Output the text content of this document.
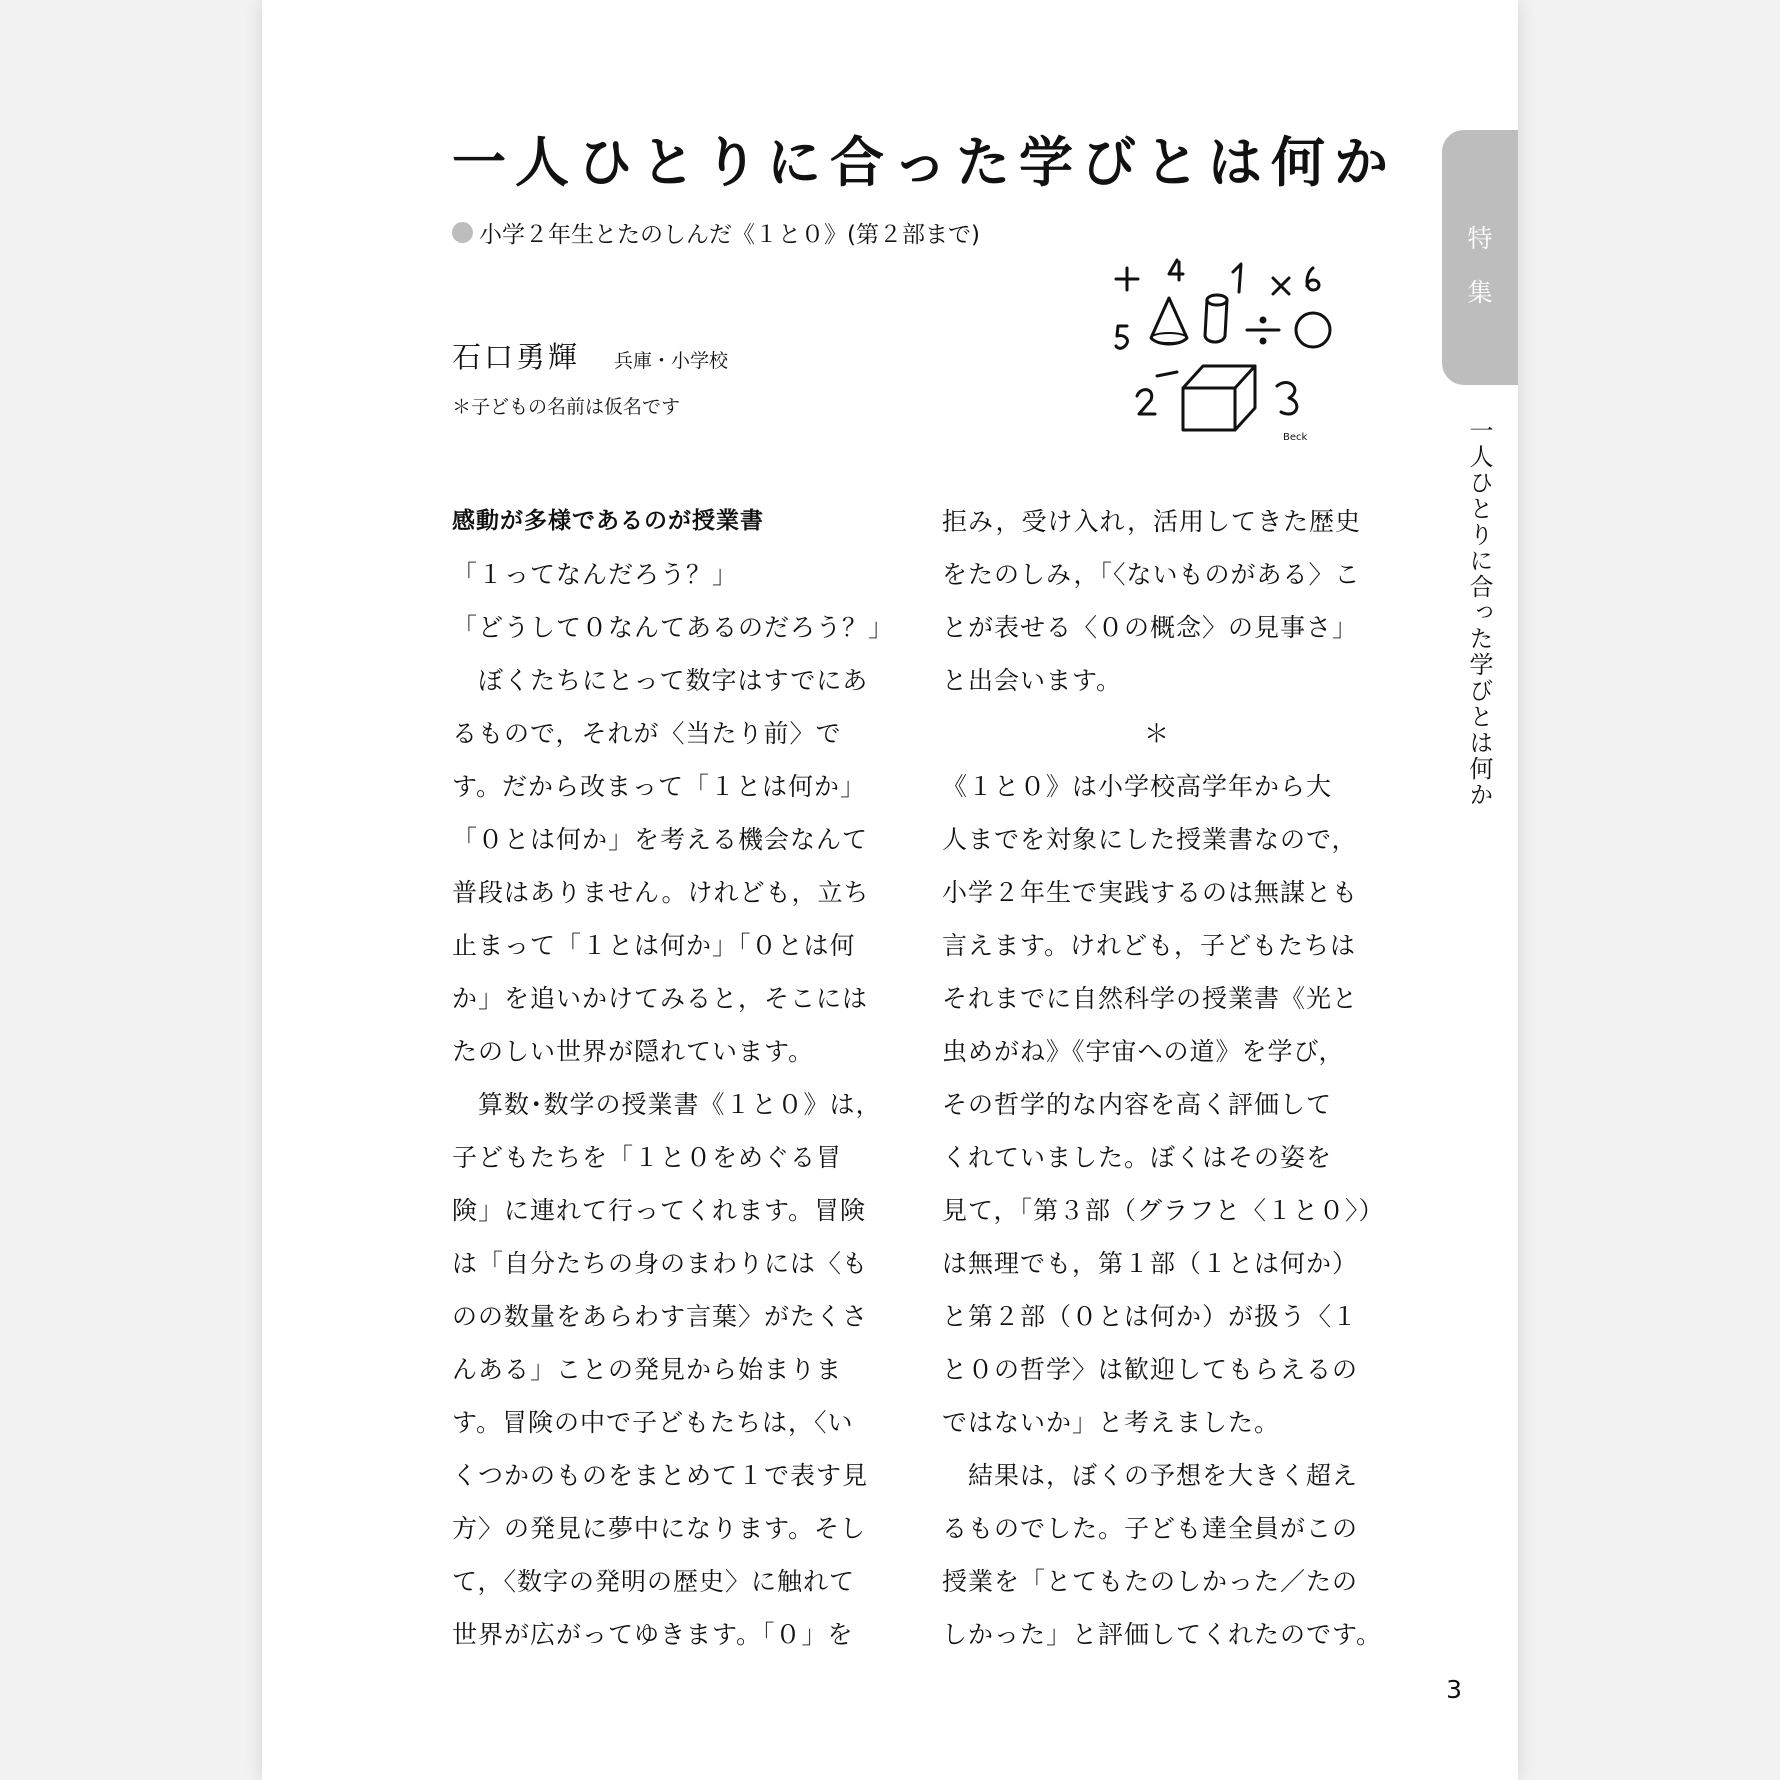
一人ひとりに合った学びとは何か
小学２年生とたのしんだ《１と０》(第２部まで)
石口勇輝 兵庫・小学校
＊子どもの名前は仮名です
Beck
感動が多様であるのが授業書
「１ってなんだろう？」
「どうして０なんてあるのだろう？」
　ぼくたちにとって数字はすでにあ
るもので，それが〈当たり前〉で
す。だから改まって「１とは何か」
「０とは何か」を考える機会なんて
普段はありません。けれども，立ち
止まって「１とは何か」「０とは何
か」を追いかけてみると，そこには
たのしい世界が隠れています。
　算数･数学の授業書《１と０》は，
子どもたちを「１と０をめぐる冒
険」に連れて行ってくれます。冒険
は「自分たちの身のまわりには〈も
のの数量をあらわす言葉〉がたくさ
んある」ことの発見から始まりま
す。冒険の中で子どもたちは，〈い
くつかのものをまとめて１で表す見
方〉の発見に夢中になります。そし
て，〈数字の発明の歴史〉に触れて
世界が広がってゆきます。「０」を
拒み，受け入れ，活用してきた歴史
をたのしみ，「〈ないものがある〉こ
とが表せる〈０の概念〉の見事さ」
と出会います。
＊
《１と０》は小学校高学年から大
人までを対象にした授業書なので，
小学２年生で実践するのは無謀とも
言えます。けれども，子どもたちは
それまでに自然科学の授業書《光と
虫めがね》《宇宙への道》を学び，
その哲学的な内容を高く評価して
くれていました。ぼくはその姿を
見て，「第３部（グラフと〈１と０〉）
は無理でも，第１部（１とは何か）
と第２部（０とは何か）が扱う〈１
と０の哲学〉は歓迎してもらえるの
ではないか」と考えました。
　結果は，ぼくの予想を大きく超え
るものでした。子ども達全員がこの
授業を「とてもたのしかった／たの
しかった」と評価してくれたのです。
特
集
一人ひとりに合った学びとは何か
3
